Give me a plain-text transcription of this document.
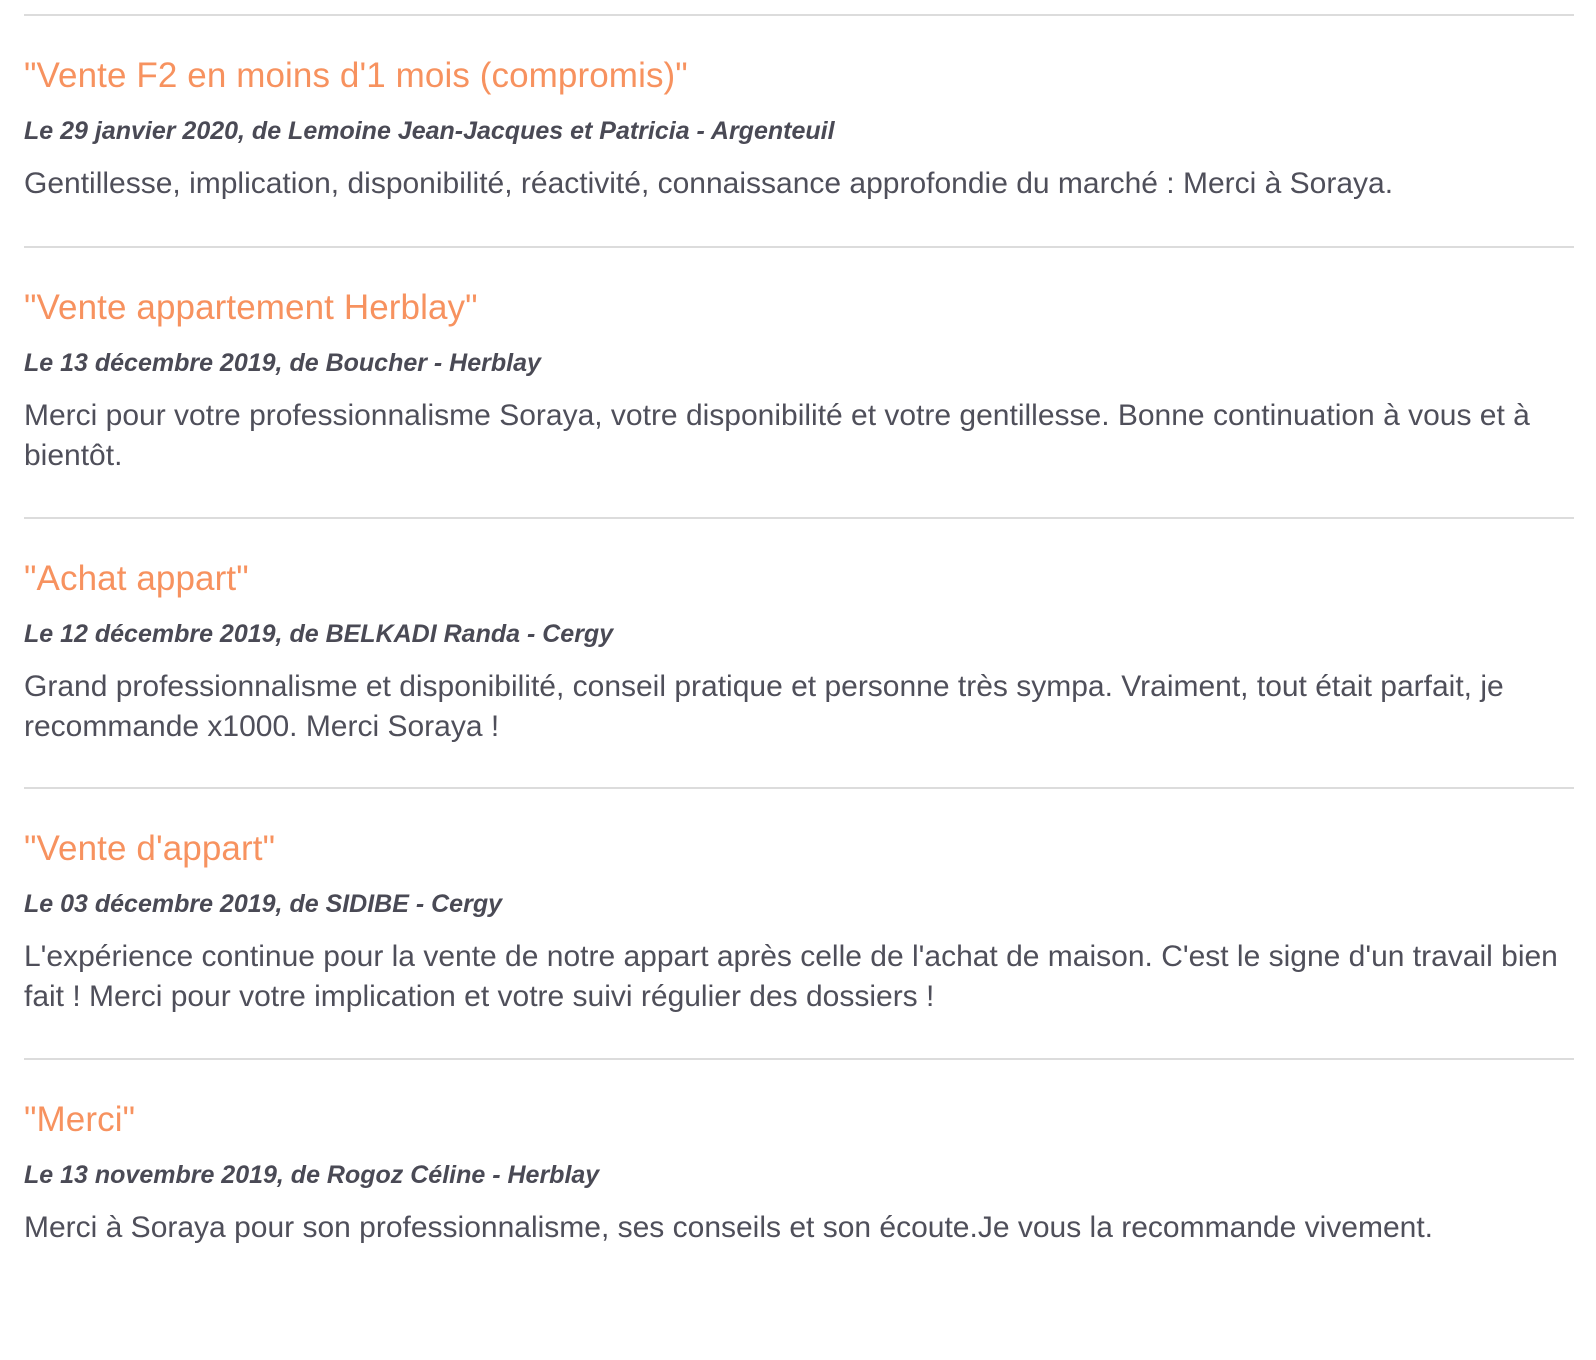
"Vente F2 en moins d'1 mois (compromis)"
Le 29 janvier 2020, de Lemoine Jean-Jacques et Patricia - Argenteuil
Gentillesse, implication, disponibilité, réactivité, connaissance approfondie du marché : Merci à Soraya.
"Vente appartement Herblay"
Le 13 décembre 2019, de Boucher - Herblay
Merci pour votre professionnalisme Soraya, votre disponibilité et votre gentillesse. Bonne continuation à vous et à bientôt.
"Achat appart"
Le 12 décembre 2019, de BELKADI Randa - Cergy
Grand professionnalisme et disponibilité, conseil pratique et personne très sympa. Vraiment, tout était parfait, je recommande x1000. Merci Soraya !
"Vente d'appart"
Le 03 décembre 2019, de SIDIBE - Cergy
L'expérience continue pour la vente de notre appart après celle de l'achat de maison. C'est le signe d'un travail bien fait ! Merci pour votre implication et votre suivi régulier des dossiers !
"Merci"
Le 13 novembre 2019, de Rogoz Céline - Herblay
Merci à Soraya pour son professionnalisme, ses conseils et son écoute.Je vous la recommande vivement.
